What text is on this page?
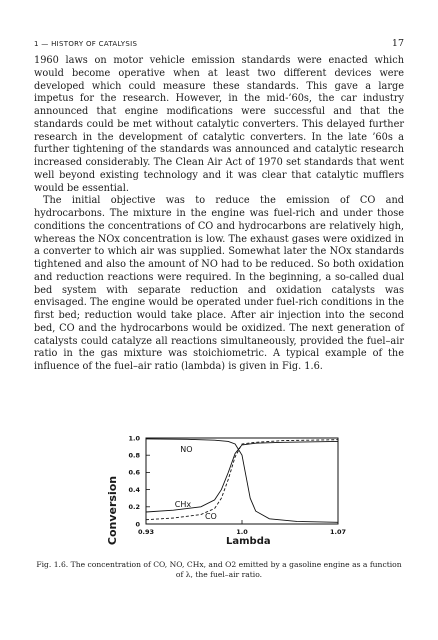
1 — HISTORY OF CATALYSIS	17

1960 laws on motor vehicle emission standards were enacted which would become operative when at least two different devices were developed which could measure these standards. This gave a large impetus for the research. However, in the mid-’60s, the car industry announced that engine modifications were successful and that the standards could be met without catalytic converters. This delayed further research in the development of catalytic converters. In the late ’60s a further tightening of the standards was announced and catalytic research increased considerably. The Clean Air Act of 1970 set standards that went well beyond existing technology and it was clear that catalytic mufflers would be essential.

The initial objective was to reduce the emission of CO and hydrocarbons. The mixture in the engine was fuel-rich and under those conditions the concentrations of CO and hydrocarbons are relatively high, whereas the NOx concentration is low. The exhaust gases were oxidized in a converter to which air was supplied. Somewhat later the NOx standards tightened and also the amount of NO had to be reduced. So both oxidation and reduction reactions were required. In the beginning, a so-called dual bed system with separate reduction and oxidation catalysts was envisaged. The engine would be operated under fuel-rich conditions in the first bed; reduction would take place. After air injection into the second bed, CO and the hydrocarbons would be oxidized. The next generation of catalysts could catalyze all reactions simultaneously, provided the fuel–air ratio in the gas mixture was stoichiometric. A typical example of the influence of the fuel–air ratio (lambda) is given in Fig. 1.6.

0
0.2
0.4
0.6
0.8
1.0
0.93	1.0	1.07
NO
CHx
CO
Conversion	Lambda
Fig. 1.6. The concentration of CO, NO, CHx, and O2 emitted by a gasoline engine as a function of λ, the fuel–air ratio.
